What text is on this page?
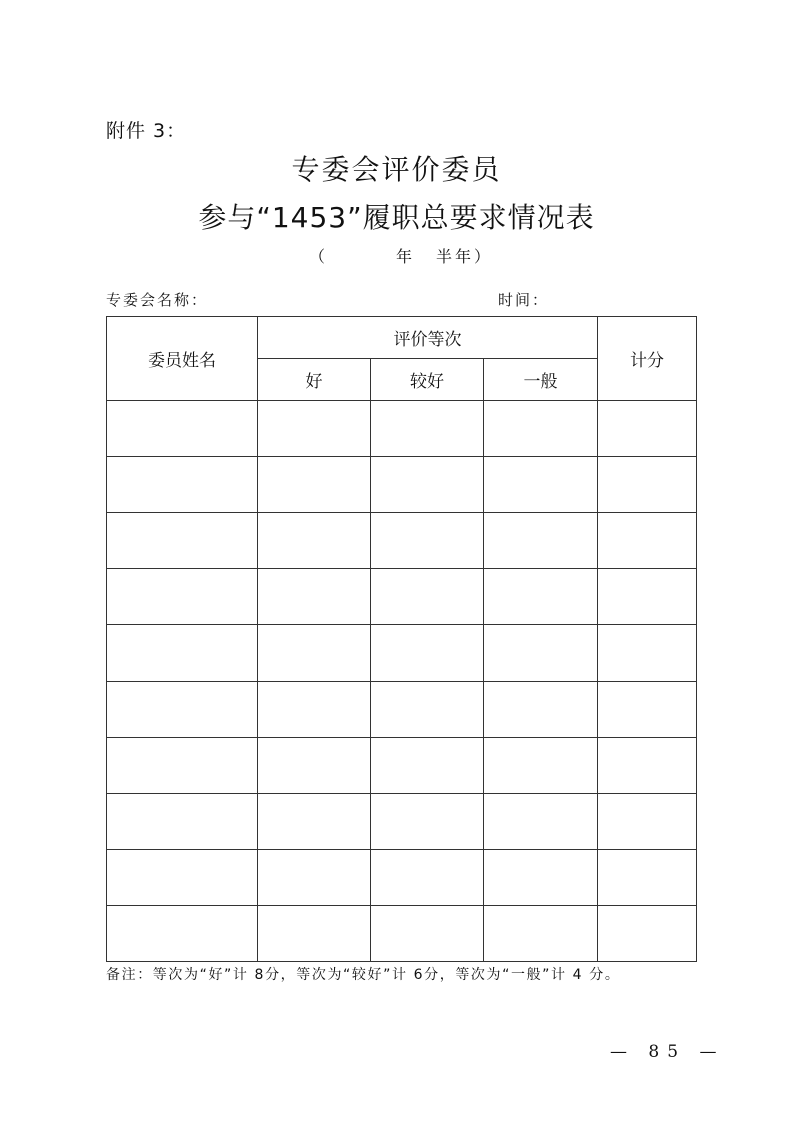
附件 3：
专委会评价委员
参与“1453”履职总要求情况表
（	年 半年）
专委会名称：	时间：
委员姓名	评价等次			计分
	好	较好	一般	

备注：等次为“好”计 8分，等次为“较好”计 6分，等次为“一般”计 4 分。
— 85 —
